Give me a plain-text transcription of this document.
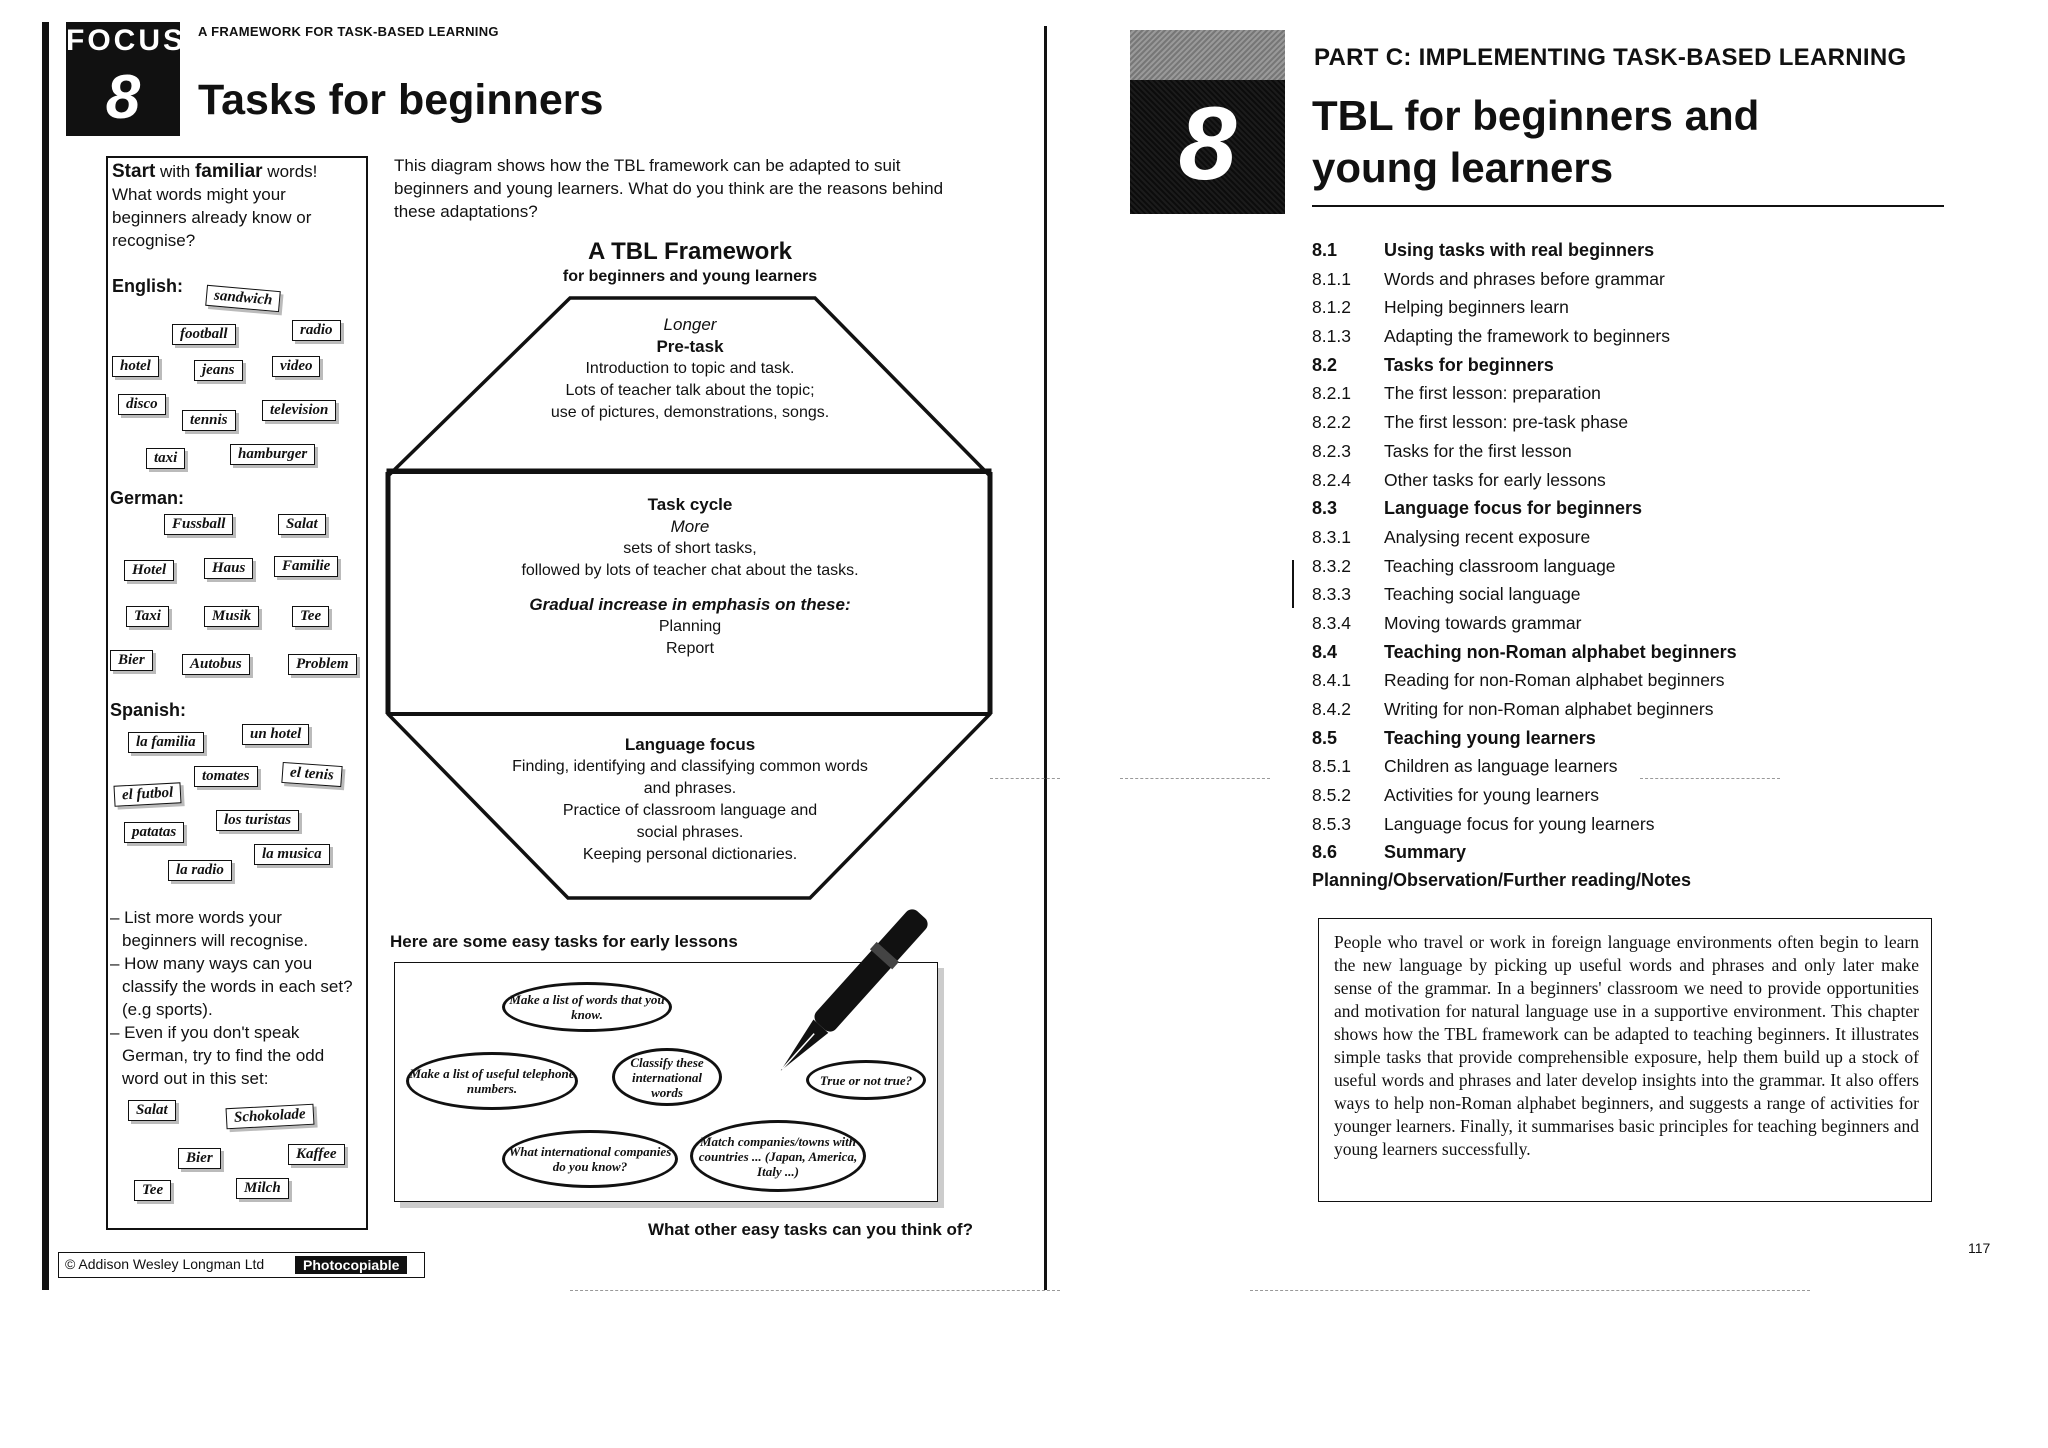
FOCUS
8
A FRAMEWORK FOR TASK-BASED LEARNING
Tasks for beginners
Start with familiar words! What words might your beginners already know or recognise?
English:
sandwich
football	radio
hotel	jeans	video
disco
tennis
television
taxi	hamburger
German:
Fussball	Salat
Hotel	Haus	Familie
Taxi	Musik	Tee
Bier	Autobus	Problem
Spanish:
un hotel
la familia
tomates	el tenis
el futbol
los turistas
patatas
la musica
la radio

– List more words your beginners will recognise.

– How many ways can you classify the words in each set? (e.g sports).

– Even if you don't speak German, try to find the odd word out in this set:

Salat	Schokolade
Bier	Kaffee
Tee	Milch
This diagram shows how the TBL framework can be adapted to suit beginners and young learners. What do you think are the reasons behind these adaptations?
A TBL Framework
for beginners and young learners
Longer
Pre-task
Introduction to topic and task.
Lots of teacher talk about the topic;
use of pictures, demonstrations, songs.
Task cycle
More
sets of short tasks,
followed by lots of teacher chat about the tasks.
Gradual increase in emphasis on these:
Planning
Report
Language focus
Finding, identifying and classifying common words
and phrases.
Practice of classroom language and
social phrases.
Keeping personal dictionaries.
Here are some easy tasks for early lessons
Make a list of words that you know.
Make a list of useful telephone numbers.
Classify these international words
True or not true?
What international companies do you know?
Match companies/towns with countries ... (Japan, America, Italy ...)
What other easy tasks can you think of?
© Addison Wesley Longman Ltd	Photocopiable
8
PART C: IMPLEMENTING TASK-BASED LEARNING
TBL for beginners and
young learners
8.1	Using tasks with real beginners
8.1.1 Words and phrases before grammar
8.1.2 Helping beginners learn
8.1.3 Adapting the framework to beginners
8.2	Tasks for beginners
8.2.1 The first lesson: preparation
8.2.2 The first lesson: pre-task phase
8.2.3 Tasks for the first lesson
8.2.4 Other tasks for early lessons
8.3	Language focus for beginners
8.3.1 Analysing recent exposure
8.3.2 Teaching classroom language
8.3.3 Teaching social language
8.3.4 Moving towards grammar
8.4	Teaching non-Roman alphabet beginners
8.4.1 Reading for non-Roman alphabet beginners
8.4.2 Writing for non-Roman alphabet beginners
8.5	Teaching young learners
8.5.1 Children as language learners
8.5.2 Activities for young learners
8.5.3 Language focus for young learners
8.6	Summary
Planning/Observation/Further reading/Notes
People who travel or work in foreign language environments often begin to learn the new language by picking up useful words and phrases and only later make sense of the grammar. In a beginners' classroom we need to provide opportunities and motivation for natural language use in a supportive environment. This chapter shows how the TBL framework can be adapted to teaching beginners. It illustrates simple tasks that provide comprehensible exposure, help them build up a stock of useful words and phrases and later develop insights into the grammar. It also offers ways to help non-Roman alphabet beginners, and suggests a range of activities for younger learners. Finally, it summarises basic principles for teaching beginners and young learners successfully.
117
